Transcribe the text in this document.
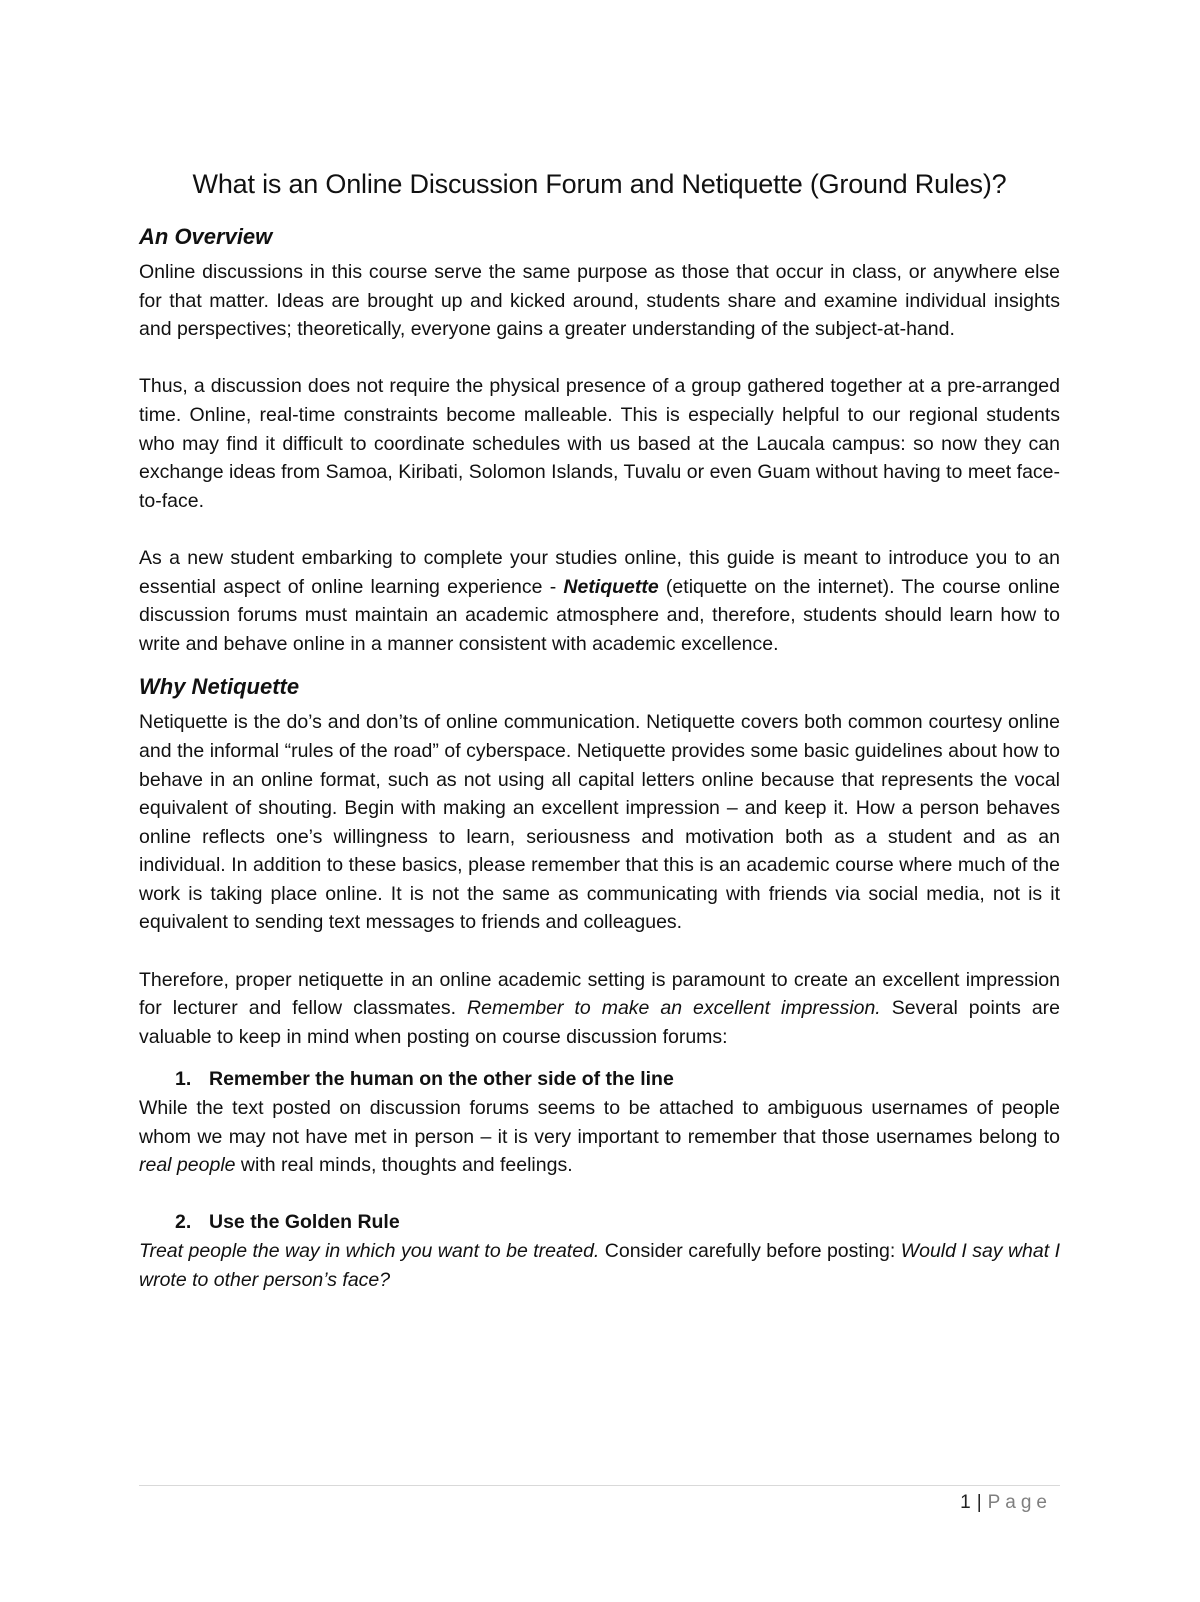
What is an Online Discussion Forum and Netiquette (Ground Rules)?
An Overview

Online discussions in this course serve the same purpose as those that occur in class, or anywhere else for that matter. Ideas are brought up and kicked around, students share and examine individual insights and perspectives; theoretically, everyone gains a greater understanding of the subject-at-hand.

Thus, a discussion does not require the physical presence of a group gathered together at a pre-arranged time. Online, real-time constraints become malleable. This is especially helpful to our regional students who may find it difficult to coordinate schedules with us based at the Laucala campus: so now they can exchange ideas from Samoa, Kiribati, Solomon Islands, Tuvalu or even Guam without having to meet face-to-face.

As a new student embarking to complete your studies online, this guide is meant to introduce you to an essential aspect of online learning experience - Netiquette (etiquette on the internet). The course online discussion forums must maintain an academic atmosphere and, therefore, students should learn how to write and behave online in a manner consistent with academic excellence.

Why Netiquette

Netiquette is the do’s and don’ts of online communication. Netiquette covers both common courtesy online and the informal “rules of the road” of cyberspace. Netiquette provides some basic guidelines about how to behave in an online format, such as not using all capital letters online because that represents the vocal equivalent of shouting. Begin with making an excellent impression – and keep it. How a person behaves online reflects one’s willingness to learn, seriousness and motivation both as a student and as an individual. In addition to these basics, please remember that this is an academic course where much of the work is taking place online. It is not the same as communicating with friends via social media, not is it equivalent to sending text messages to friends and colleagues.

Therefore, proper netiquette in an online academic setting is paramount to create an excellent impression for lecturer and fellow classmates. Remember to make an excellent impression. Several points are valuable to keep in mind when posting on course discussion forums:

1. Remember the human on the other side of the line

While the text posted on discussion forums seems to be attached to ambiguous usernames of people whom we may not have met in person – it is very important to remember that those usernames belong to real people with real minds, thoughts and feelings.

2. Use the Golden Rule

Treat people the way in which you want to be treated. Consider carefully before posting: Would I say what I wrote to other person’s face?

1 | Page
